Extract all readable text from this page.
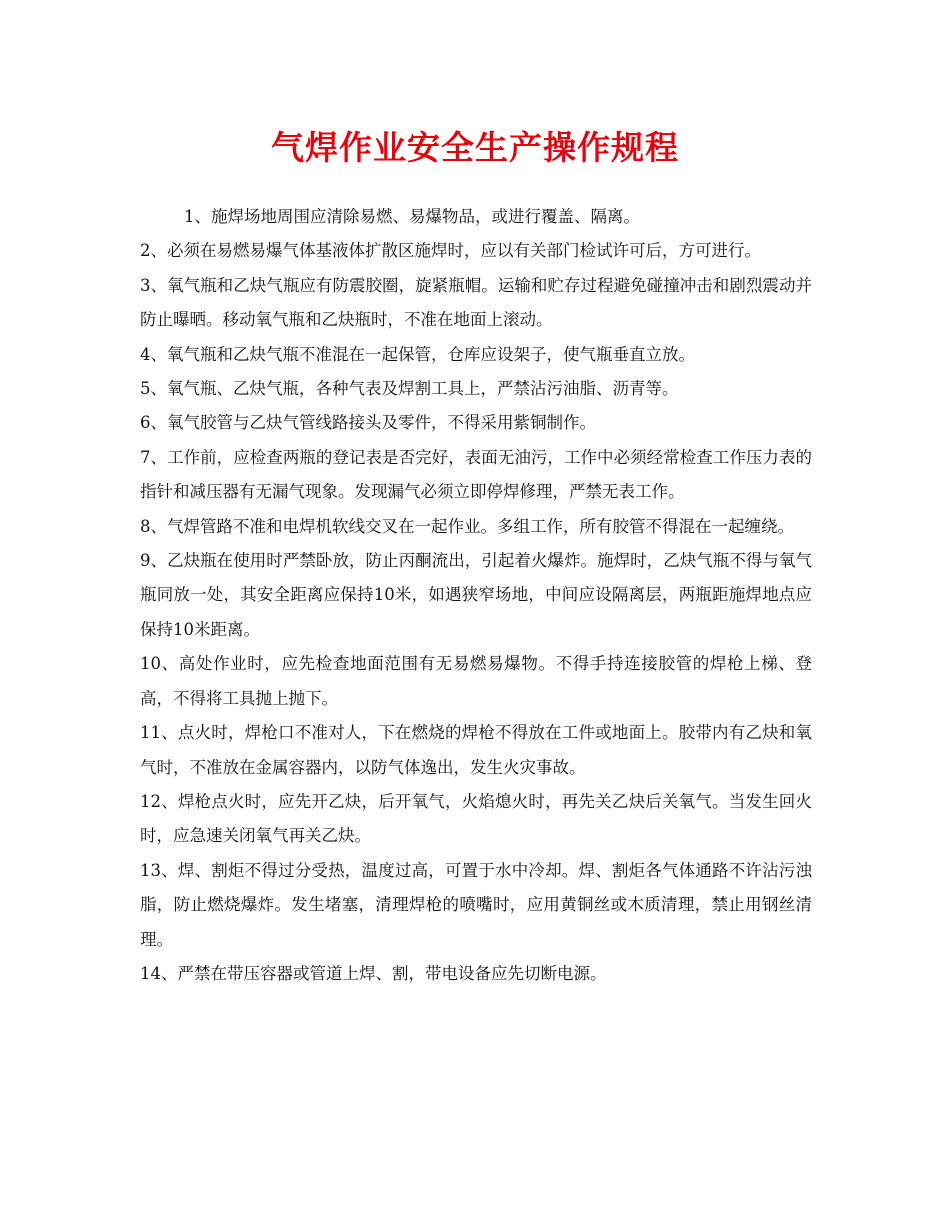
气焊作业安全生产操作规程

1、施焊场地周围应清除易燃、易爆物品，或进行覆盖、隔离。

2、必须在易燃易爆气体基液体扩散区施焊时，应以有关部门检试许可后，方可进行。

3、氧气瓶和乙炔气瓶应有防震胶圈，旋紧瓶帽。运输和贮存过程避免碰撞冲击和剧烈震动并防止曝晒。移动氧气瓶和乙炔瓶时，不准在地面上滚动。

4、氧气瓶和乙炔气瓶不准混在一起保管，仓库应设架子，使气瓶垂直立放。

5、氧气瓶、乙炔气瓶，各种气表及焊割工具上，严禁沾污油脂、沥青等。

6、氧气胶管与乙炔气管线路接头及零件，不得采用紫铜制作。

7、工作前，应检查两瓶的登记表是否完好，表面无油污，工作中必须经常检查工作压力表的指针和减压器有无漏气现象。发现漏气必须立即停焊修理，严禁无表工作。

8、气焊管路不准和电焊机软线交叉在一起作业。多组工作，所有胶管不得混在一起缠绕。

9、乙炔瓶在使用时严禁卧放，防止丙酮流出，引起着火爆炸。施焊时，乙炔气瓶不得与氧气瓶同放一处，其安全距离应保持10米，如遇狭窄场地，中间应设隔离层，两瓶距施焊地点应保持10米距离。

10、高处作业时，应先检查地面范围有无易燃易爆物。不得手持连接胶管的焊枪上梯、登高，不得将工具抛上抛下。

11、点火时，焊枪口不准对人，下在燃烧的焊枪不得放在工件或地面上。胶带内有乙炔和氧气时，不准放在金属容器内，以防气体逸出，发生火灾事故。

12、焊枪点火时，应先开乙炔，后开氧气，火焰熄火时，再先关乙炔后关氧气。当发生回火时，应急速关闭氧气再关乙炔。

13、焊、割炬不得过分受热，温度过高，可置于水中冷却。焊、割炬各气体通路不许沾污浊脂，防止燃烧爆炸。发生堵塞，清理焊枪的喷嘴时，应用黄铜丝或木质清理，禁止用钢丝清理。

14、严禁在带压容器或管道上焊、割，带电设备应先切断电源。
